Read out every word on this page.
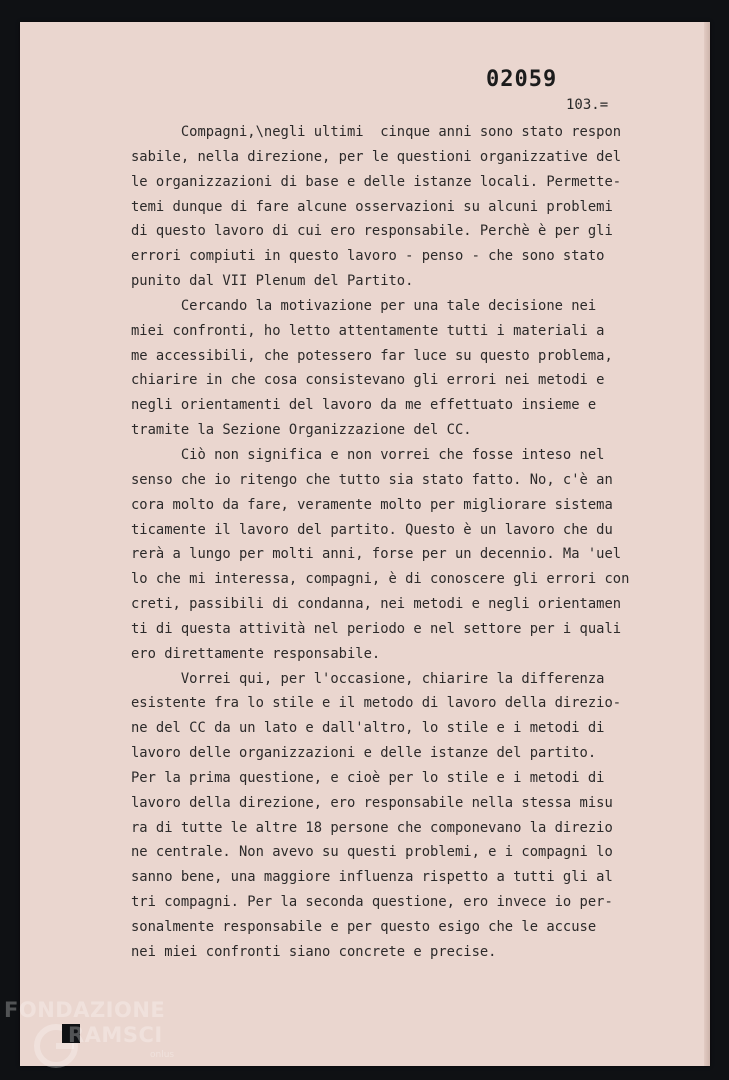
02059
103.=
Compagni,\negli ultimi  cinque anni sono stato respon
sabile, nella direzione, per le questioni organizzative del
le organizzazioni di base e delle istanze locali. Permette-
temi dunque di fare alcune osservazioni su alcuni problemi
di questo lavoro di cui ero responsabile. Perchè è per gli
errori compiuti in questo lavoro - penso - che sono stato
punito dal VII Plenum del Partito.
Cercando la motivazione per una tale decisione nei
miei confronti, ho letto attentamente tutti i materiali a
me accessibili, che potessero far luce su questo problema,
chiarire in che cosa consistevano gli errori nei metodi e
negli orientamenti del lavoro da me effettuato insieme e
tramite la Sezione Organizzazione del CC.
Ciò non significa e non vorrei che fosse inteso nel
senso che io ritengo che tutto sia stato fatto. No, c'è an
cora molto da fare, veramente molto per migliorare sistema
ticamente il lavoro del partito. Questo è un lavoro che du
rerà a lungo per molti anni, forse per un decennio. Ma 'uel
lo che mi interessa, compagni, è di conoscere gli errori con
creti, passibili di condanna, nei metodi e negli orientamen
ti di questa attività nel periodo e nel settore per i quali
ero direttamente responsabile.
Vorrei qui, per l'occasione, chiarire la differenza
esistente fra lo stile e il metodo di lavoro della direzio-
ne del CC da un lato e dall'altro, lo stile e i metodi di
lavoro delle organizzazioni e delle istanze del partito.
Per la prima questione, e cioè per lo stile e i metodi di
lavoro della direzione, ero responsabile nella stessa misu
ra di tutte le altre 18 persone che componevano la direzio
ne centrale. Non avevo su questi problemi, e i compagni lo
sanno bene, una maggiore influenza rispetto a tutti gli al
tri compagni. Per la seconda questione, ero invece io per-
sonalmente responsabile e per questo esigo che le accuse
nei miei confronti siano concrete e precise.
FONDAZIONE
RAMSCI
onlus
